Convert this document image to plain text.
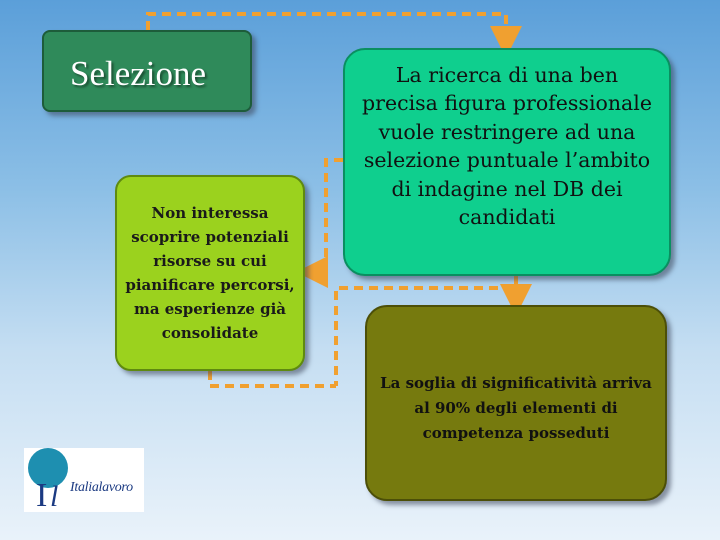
Selezione
Non interessa scoprire potenziali risorse su cui pianificare percorsi, ma esperienze già consolidate
La ricerca di una ben precisa figura professionale vuole restringere ad una selezione puntuale l’ambito di indagine nel DB dei candidati
La soglia di significatività arriva al 90% degli elementi di competenza posseduti
I l Italialavoro
